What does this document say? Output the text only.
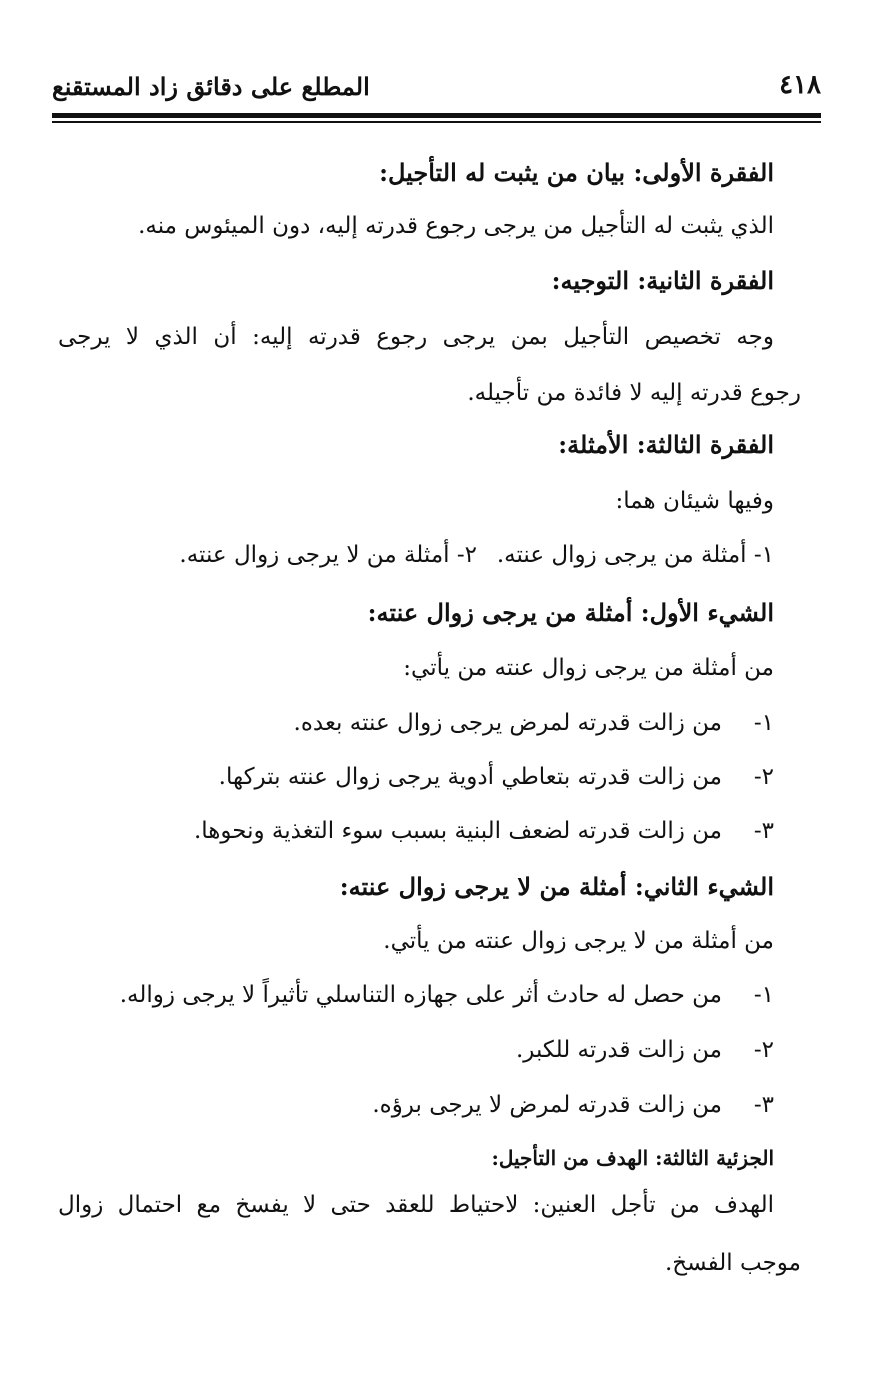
٤١٨
المطلع على دقائق زاد المستقنع
الفقرة الأولى: بيان من يثبت له التأجيل:
الذي يثبت له التأجيل من يرجى رجوع قدرته إليه، دون الميئوس منه.
الفقرة الثانية: التوجيه:
وجه تخصيص التأجيل بمن يرجى رجوع قدرته إليه: أن الذي لا يرجى
رجوع قدرته إليه لا فائدة من تأجيله.
الفقرة الثالثة: الأمثلة:
وفيها شيئان هما:
١- أمثلة من يرجى زوال عنته.
٢- أمثلة من لا يرجى زوال عنته.
الشيء الأول: أمثلة من يرجى زوال عنته:
من أمثلة من يرجى زوال عنته من يأتي:
١-من زالت قدرته لمرض يرجى زوال عنته بعده.
٢-من زالت قدرته بتعاطي أدوية يرجى زوال عنته بتركها.
٣-من زالت قدرته لضعف البنية بسبب سوء التغذية ونحوها.
الشيء الثاني: أمثلة من لا يرجى زوال عنته:
من أمثلة من لا يرجى زوال عنته من يأتي.
١-من حصل له حادث أثر على جهازه التناسلي تأثيراً لا يرجى زواله.
٢-من زالت قدرته للكبر.
٣-من زالت قدرته لمرض لا يرجى برؤه.
الجزئية الثالثة: الهدف من التأجيل:
الهدف من تأجل العنين: لاحتياط للعقد حتى لا يفسخ مع احتمال زوال
موجب الفسخ.
